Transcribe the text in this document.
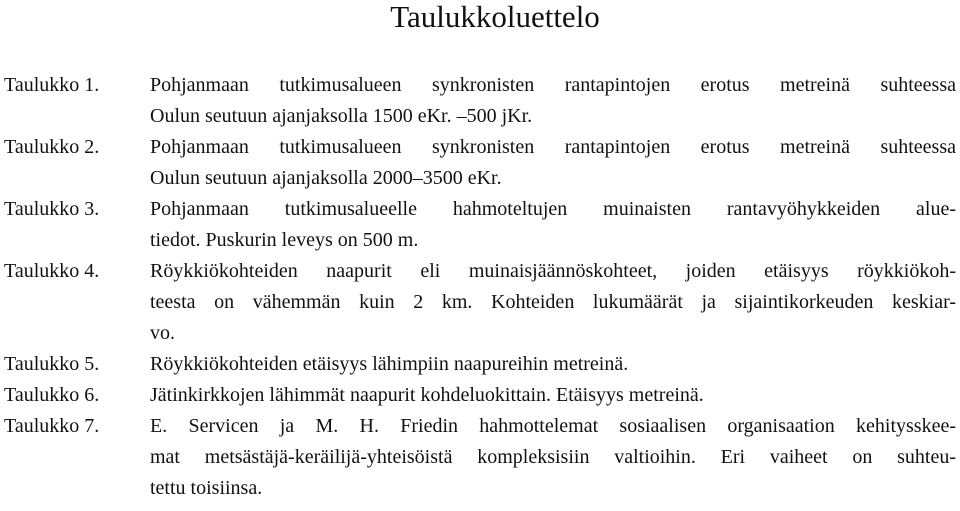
Taulukkoluettelo
Taulukko 1.	Pohjanmaan tutkimusalueen synkronisten rantapintojen erotus metreinä suhteessa
Oulun seutuun ajanjaksolla 1500 eKr. –500 jKr.
Taulukko 2.	Pohjanmaan tutkimusalueen synkronisten rantapintojen erotus metreinä suhteessa
Oulun seutuun ajanjaksolla 2000–3500 eKr.
Taulukko 3.	Pohjanmaan tutkimusalueelle hahmoteltujen muinaisten rantavyöhykkeiden alue-
tiedot. Puskurin leveys on 500 m.
Taulukko 4.	Röykkiökohteiden naapurit eli muinaisjäännöskohteet, joiden etäisyys röykkiökoh-
teesta on vähemmän kuin 2 km. Kohteiden lukumäärät ja sijaintikorkeuden keskiar-
vo.
Taulukko 5.	Röykkiökohteiden etäisyys lähimpiin naapureihin metreinä.
Taulukko 6.	Jätinkirkkojen lähimmät naapurit kohdeluokittain. Etäisyys metreinä.
Taulukko 7.	E. Servicen ja M. H. Friedin hahmottelemat sosiaalisen organisaation kehitysskee-
mat metsästäjä-keräilijä-yhteisöistä kompleksisiin valtioihin. Eri vaiheet on suhteu-
tettu toisiinsa.
